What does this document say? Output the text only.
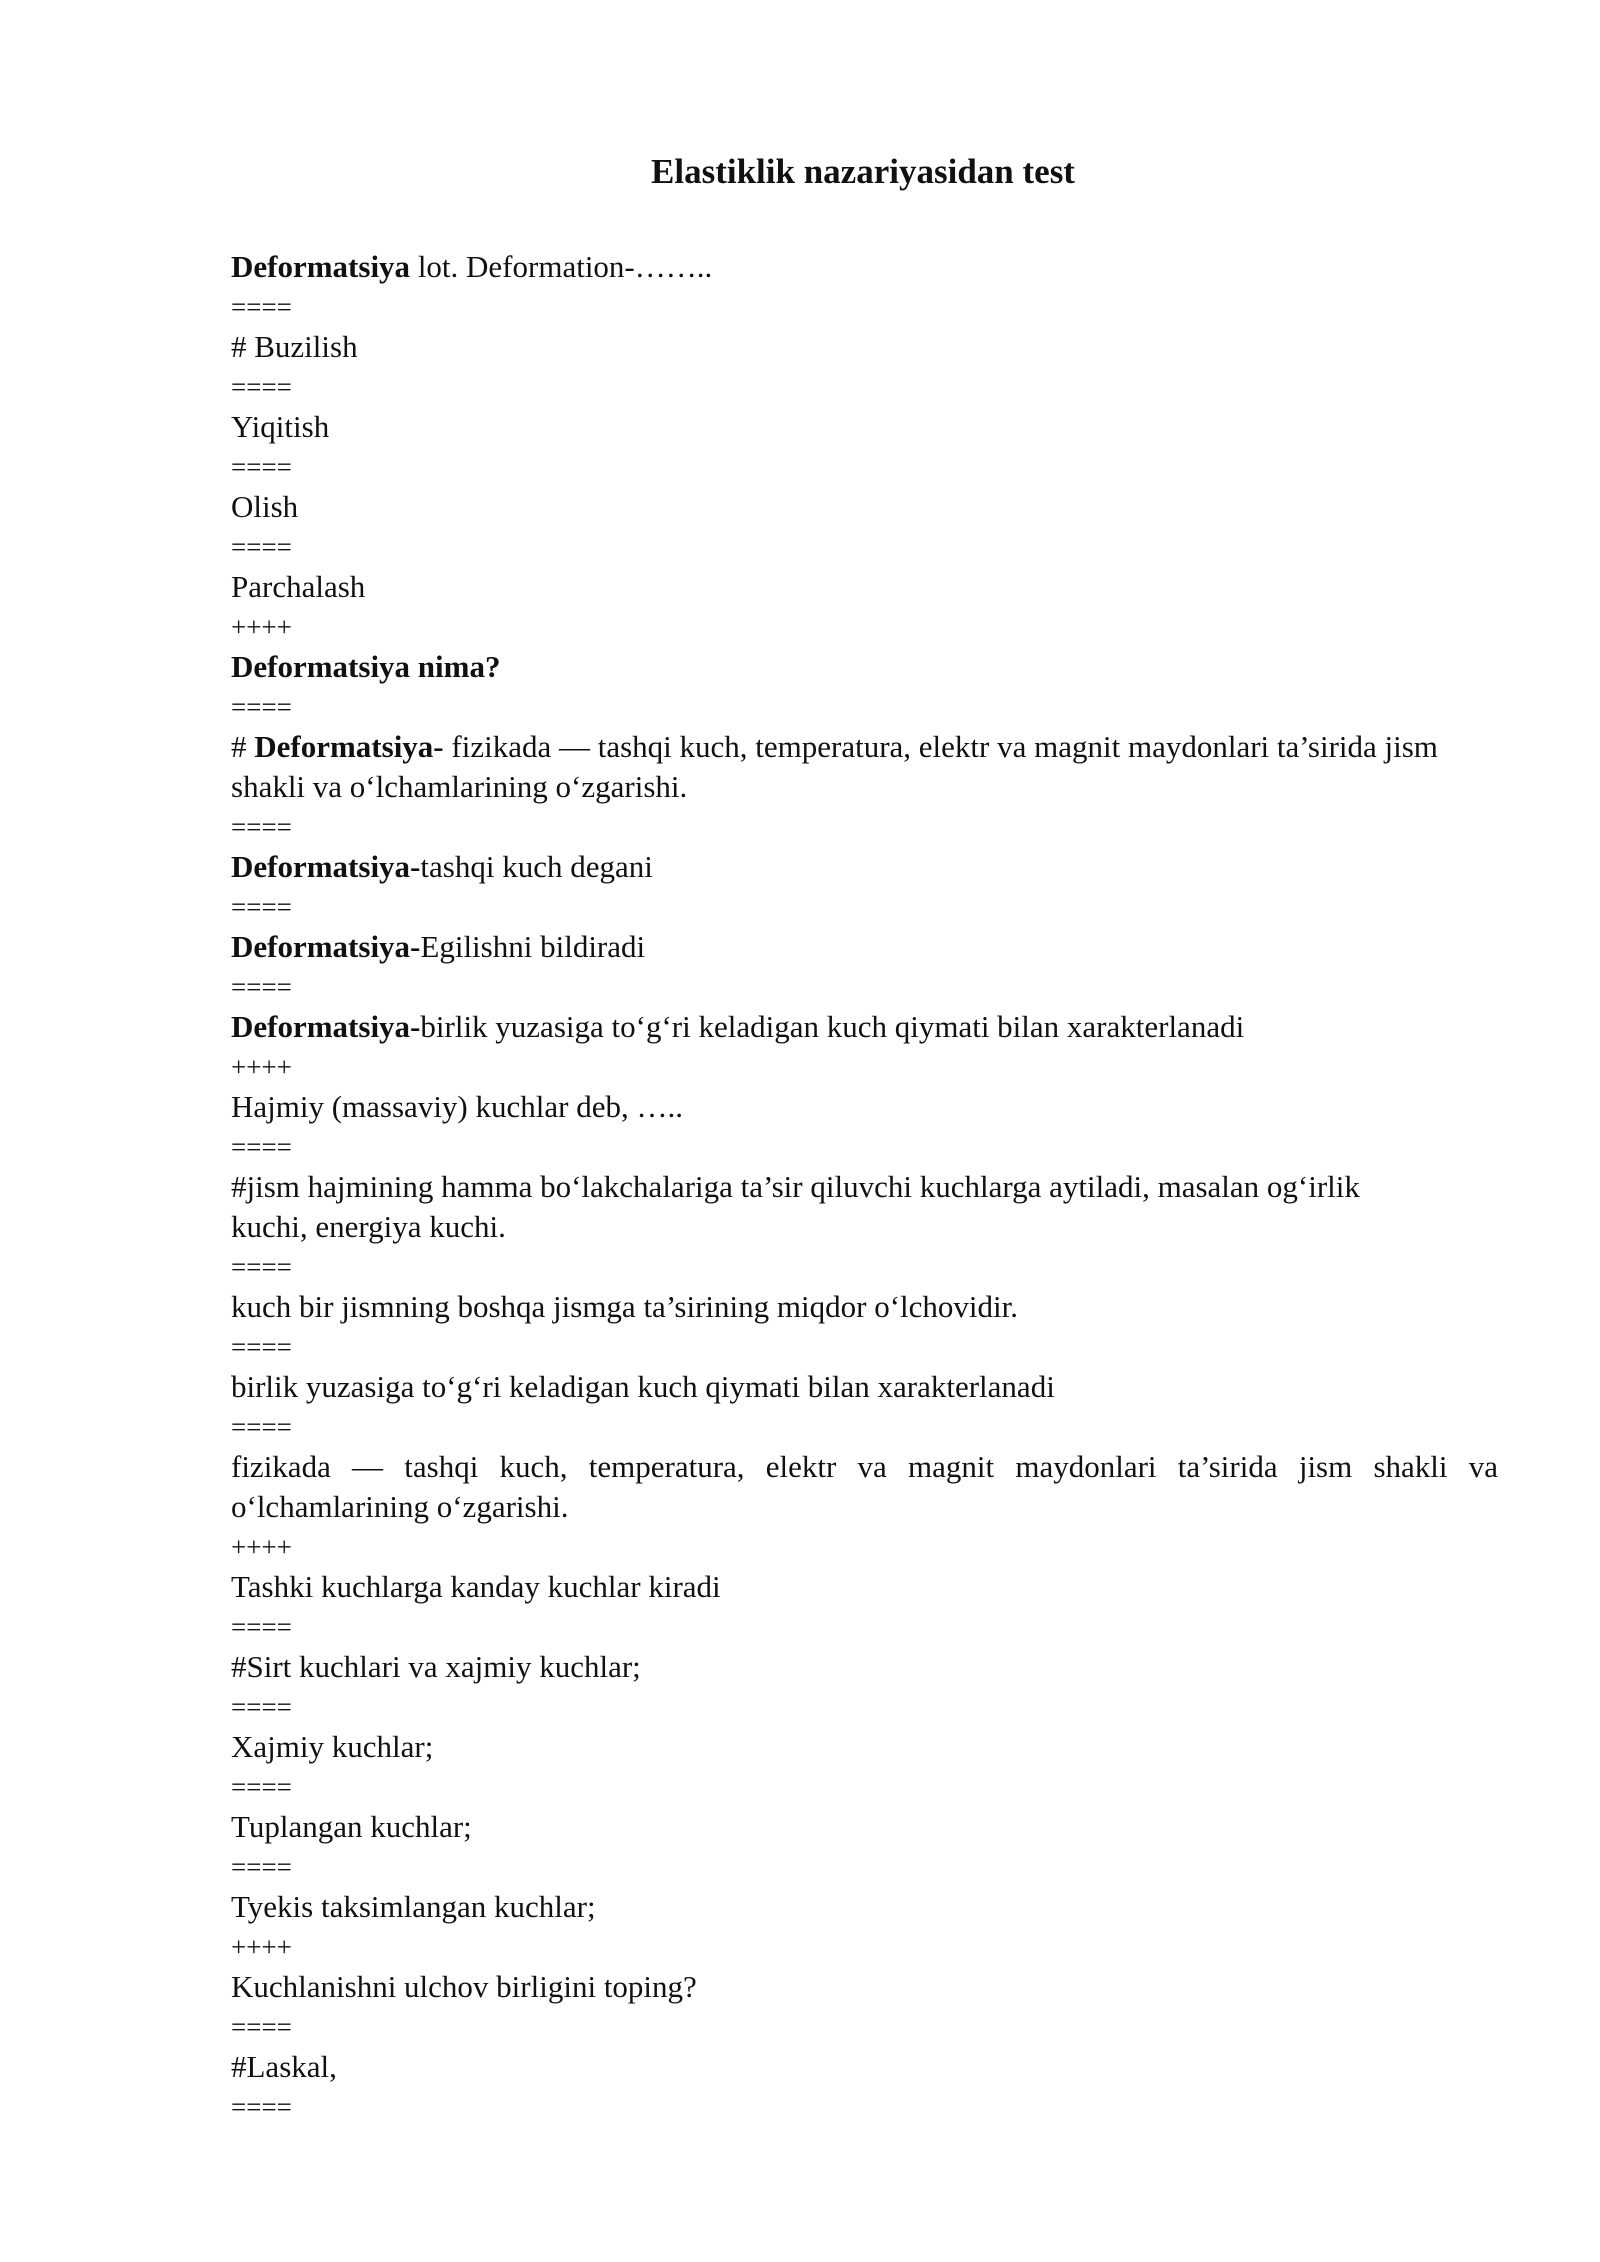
Elastiklik nazariyasidan test
Deformatsiya lot. Deformation-……..
====
# Buzilish
====
Yiqitish
====
Olish
====
Parchalash
++++
Deformatsiya nima?
====
# Deformatsiya- fizikada — tashqi kuch, temperatura, elektr va magnit maydonlari ta’sirida jism shakli va o‘lchamlarining o‘zgarishi.
====
Deformatsiya-tashqi kuch degani
====
Deformatsiya-Egilishni bildiradi
====
Deformatsiya-birlik yuzasiga to‘g‘ri keladigan kuch qiymati bilan xarakterlanadi
++++
Hajmiy (massaviy) kuchlar deb, …..
====
#jism hajmining hamma bo‘lakchalariga ta’sir qiluvchi kuchlarga aytiladi, masalan og‘irlik kuchi, energiya kuchi.
====
kuch bir jismning boshqa jismga ta’sirining miqdor o‘lchovidir.
====
birlik yuzasiga to‘g‘ri keladigan kuch qiymati bilan xarakterlanadi
====
fizikada — tashqi kuch, temperatura, elektr va magnit maydonlari ta’sirida jism shakli va o‘lchamlarining o‘zgarishi.
++++
Tashki kuchlarga kanday kuchlar kiradi
====
#Sirt kuchlari va xajmiy kuchlar;
====
Xajmiy kuchlar;
====
Tuplangan kuchlar;
====
Tyekis taksimlangan kuchlar;
++++
Kuchlanishni ulchov birligini toping?
====
#Laskal,
====
